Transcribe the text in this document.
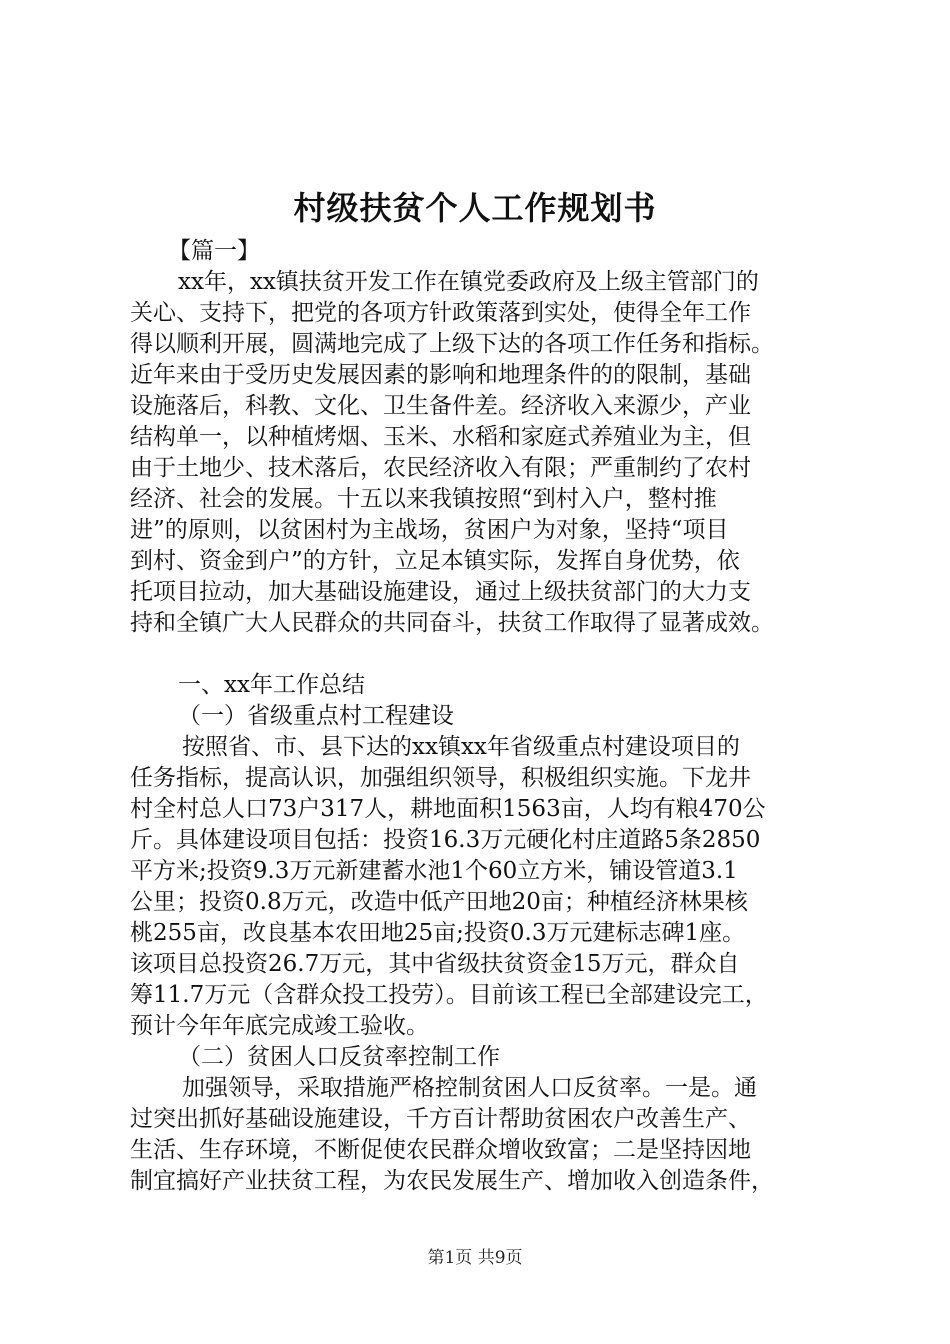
村级扶贫个人工作规划书
【篇一】
xx年，xx镇扶贫开发工作在镇党委政府及上级主管部门的
关心、支持下，把党的各项方针政策落到实处，使得全年工作
得以顺利开展，圆满地完成了上级下达的各项工作任务和指标。
近年来由于受历史发展因素的影响和地理条件的的限制，基础
设施落后，科教、文化、卫生备件差。经济收入来源少，产业
结构单一，以种植烤烟、玉米、水稻和家庭式养殖业为主，但
由于土地少、技术落后，农民经济收入有限；严重制约了农村
经济、社会的发展。十五以来我镇按照“到村入户，整村推
进”的原则，以贫困村为主战场，贫困户为对象，坚持“项目
到村、资金到户”的方针，立足本镇实际，发挥自身优势，依
托项目拉动，加大基础设施建设，通过上级扶贫部门的大力支
持和全镇广大人民群众的共同奋斗，扶贫工作取得了显著成效。
一、xx年工作总结
（一）省级重点村工程建设
按照省、市、县下达的xx镇xx年省级重点村建设项目的
任务指标，提高认识，加强组织领导，积极组织实施。下龙井
村全村总人口73户317人，耕地面积1563亩，人均有粮470公
斤。具体建设项目包括：投资16.3万元硬化村庄道路5条2850
平方米;投资9.3万元新建蓄水池1个60立方米，铺设管道3.1
公里；投资0.8万元，改造中低产田地20亩；种植经济林果核
桃255亩，改良基本农田地25亩;投资0.3万元建标志碑1座。
该项目总投资26.7万元，其中省级扶贫资金15万元，群众自
筹11.7万元（含群众投工投劳）。目前该工程已全部建设完工，
预计今年年底完成竣工验收。
（二）贫困人口反贫率控制工作
加强领导，采取措施严格控制贫困人口反贫率。一是。通
过突出抓好基础设施建设，千方百计帮助贫困农户改善生产、
生活、生存环境，不断促使农民群众增收致富；二是坚持因地
制宜搞好产业扶贫工程，为农民发展生产、增加收入创造条件，
第1页 共9页
